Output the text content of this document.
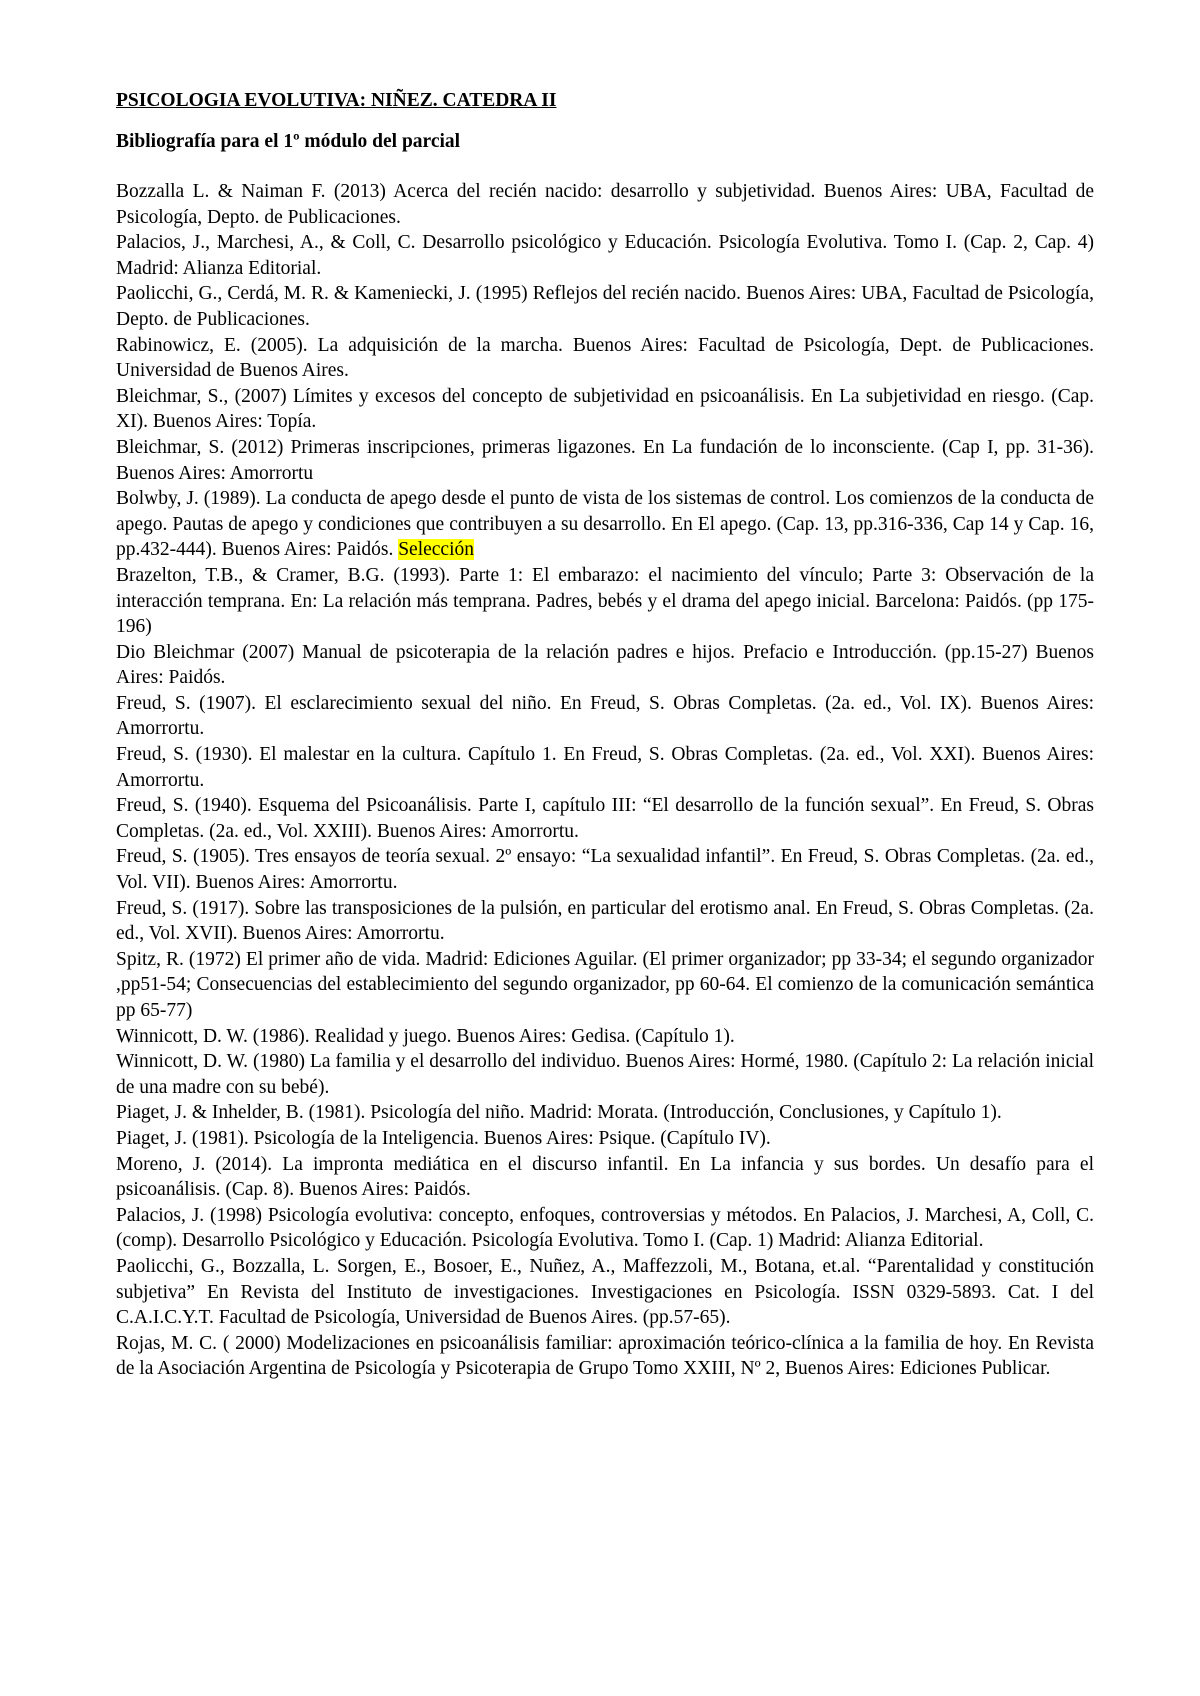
PSICOLOGIA EVOLUTIVA: NIÑEZ. CATEDRA II
Bibliografía para el 1º módulo del parcial
Bozzalla L. & Naiman F. (2013) Acerca del recién nacido: desarrollo y subjetividad. Buenos Aires: UBA, Facultad de Psicología, Depto. de Publicaciones.
Palacios, J., Marchesi, A., & Coll, C. Desarrollo psicológico y Educación. Psicología Evolutiva. Tomo I. (Cap. 2, Cap. 4) Madrid: Alianza Editorial.
Paolicchi, G., Cerdá, M. R. & Kameniecki, J. (1995) Reflejos del recién nacido. Buenos Aires: UBA, Facultad de Psicología, Depto. de Publicaciones.
Rabinowicz, E. (2005). La adquisición de la marcha. Buenos Aires: Facultad de Psicología, Dept. de Publicaciones. Universidad de Buenos Aires.
Bleichmar, S., (2007) Límites y excesos del concepto de subjetividad en psicoanálisis. En La subjetividad en riesgo. (Cap. XI). Buenos Aires: Topía.
Bleichmar, S. (2012) Primeras inscripciones, primeras ligazones. En La fundación de lo inconsciente. (Cap I, pp. 31-36). Buenos Aires: Amorrortu
Bolwby, J. (1989). La conducta de apego desde el punto de vista de los sistemas de control. Los comienzos de la conducta de apego. Pautas de apego y condiciones que contribuyen a su desarrollo. En El apego. (Cap. 13, pp.316-336, Cap 14 y Cap. 16, pp.432-444). Buenos Aires: Paidós. Selección
Brazelton, T.B., & Cramer, B.G. (1993). Parte 1: El embarazo: el nacimiento del vínculo; Parte 3: Observación de la interacción temprana. En: La relación más temprana. Padres, bebés y el drama del apego inicial. Barcelona: Paidós. (pp 175-196)
Dio Bleichmar (2007) Manual de psicoterapia de la relación padres e hijos. Prefacio e Introducción. (pp.15-27) Buenos Aires: Paidós.
Freud, S. (1907). El esclarecimiento sexual del niño. En Freud, S. Obras Completas. (2a. ed., Vol. IX). Buenos Aires: Amorrortu.
Freud, S. (1930). El malestar en la cultura. Capítulo 1. En Freud, S. Obras Completas. (2a. ed., Vol. XXI). Buenos Aires: Amorrortu.
Freud, S. (1940). Esquema del Psicoanálisis. Parte I, capítulo III: “El desarrollo de la función sexual”. En Freud, S. Obras Completas. (2a. ed., Vol. XXIII). Buenos Aires: Amorrortu.
Freud, S. (1905). Tres ensayos de teoría sexual. 2º ensayo: “La sexualidad infantil”. En Freud, S. Obras Completas. (2a. ed., Vol. VII). Buenos Aires: Amorrortu.
Freud, S. (1917). Sobre las transposiciones de la pulsión, en particular del erotismo anal. En Freud, S. Obras Completas. (2a. ed., Vol. XVII). Buenos Aires: Amorrortu.
Spitz, R. (1972) El primer año de vida. Madrid: Ediciones Aguilar. (El primer organizador; pp 33-34; el segundo organizador ,pp51-54; Consecuencias del establecimiento del segundo organizador, pp 60-64. El comienzo de la comunicación semántica pp 65-77)
Winnicott, D. W. (1986). Realidad y juego. Buenos Aires: Gedisa. (Capítulo 1).
Winnicott, D. W. (1980) La familia y el desarrollo del individuo. Buenos Aires: Hormé, 1980. (Capítulo 2: La relación inicial de una madre con su bebé).
Piaget, J. & Inhelder, B. (1981). Psicología del niño. Madrid: Morata. (Introducción, Conclusiones, y Capítulo 1).
Piaget, J. (1981). Psicología de la Inteligencia. Buenos Aires: Psique. (Capítulo IV).
Moreno, J. (2014). La impronta mediática en el discurso infantil. En La infancia y sus bordes. Un desafío para el psicoanálisis. (Cap. 8). Buenos Aires: Paidós.
Palacios, J. (1998) Psicología evolutiva: concepto, enfoques, controversias y métodos. En Palacios, J. Marchesi, A, Coll, C. (comp). Desarrollo Psicológico y Educación. Psicología Evolutiva. Tomo I. (Cap. 1) Madrid: Alianza Editorial.
Paolicchi, G., Bozzalla, L. Sorgen, E., Bosoer, E., Nuñez, A., Maffezzoli, M., Botana, et.al. “Parentalidad y constitución subjetiva” En Revista del Instituto de investigaciones. Investigaciones en Psicología. ISSN 0329-5893. Cat. I del C.A.I.C.Y.T. Facultad de Psicología, Universidad de Buenos Aires. (pp.57-65).
Rojas, M. C. ( 2000) Modelizaciones en psicoanálisis familiar: aproximación teórico-clínica a la familia de hoy. En Revista de la Asociación Argentina de Psicología y Psicoterapia de Grupo Tomo XXIII, Nº 2, Buenos Aires: Ediciones Publicar.
